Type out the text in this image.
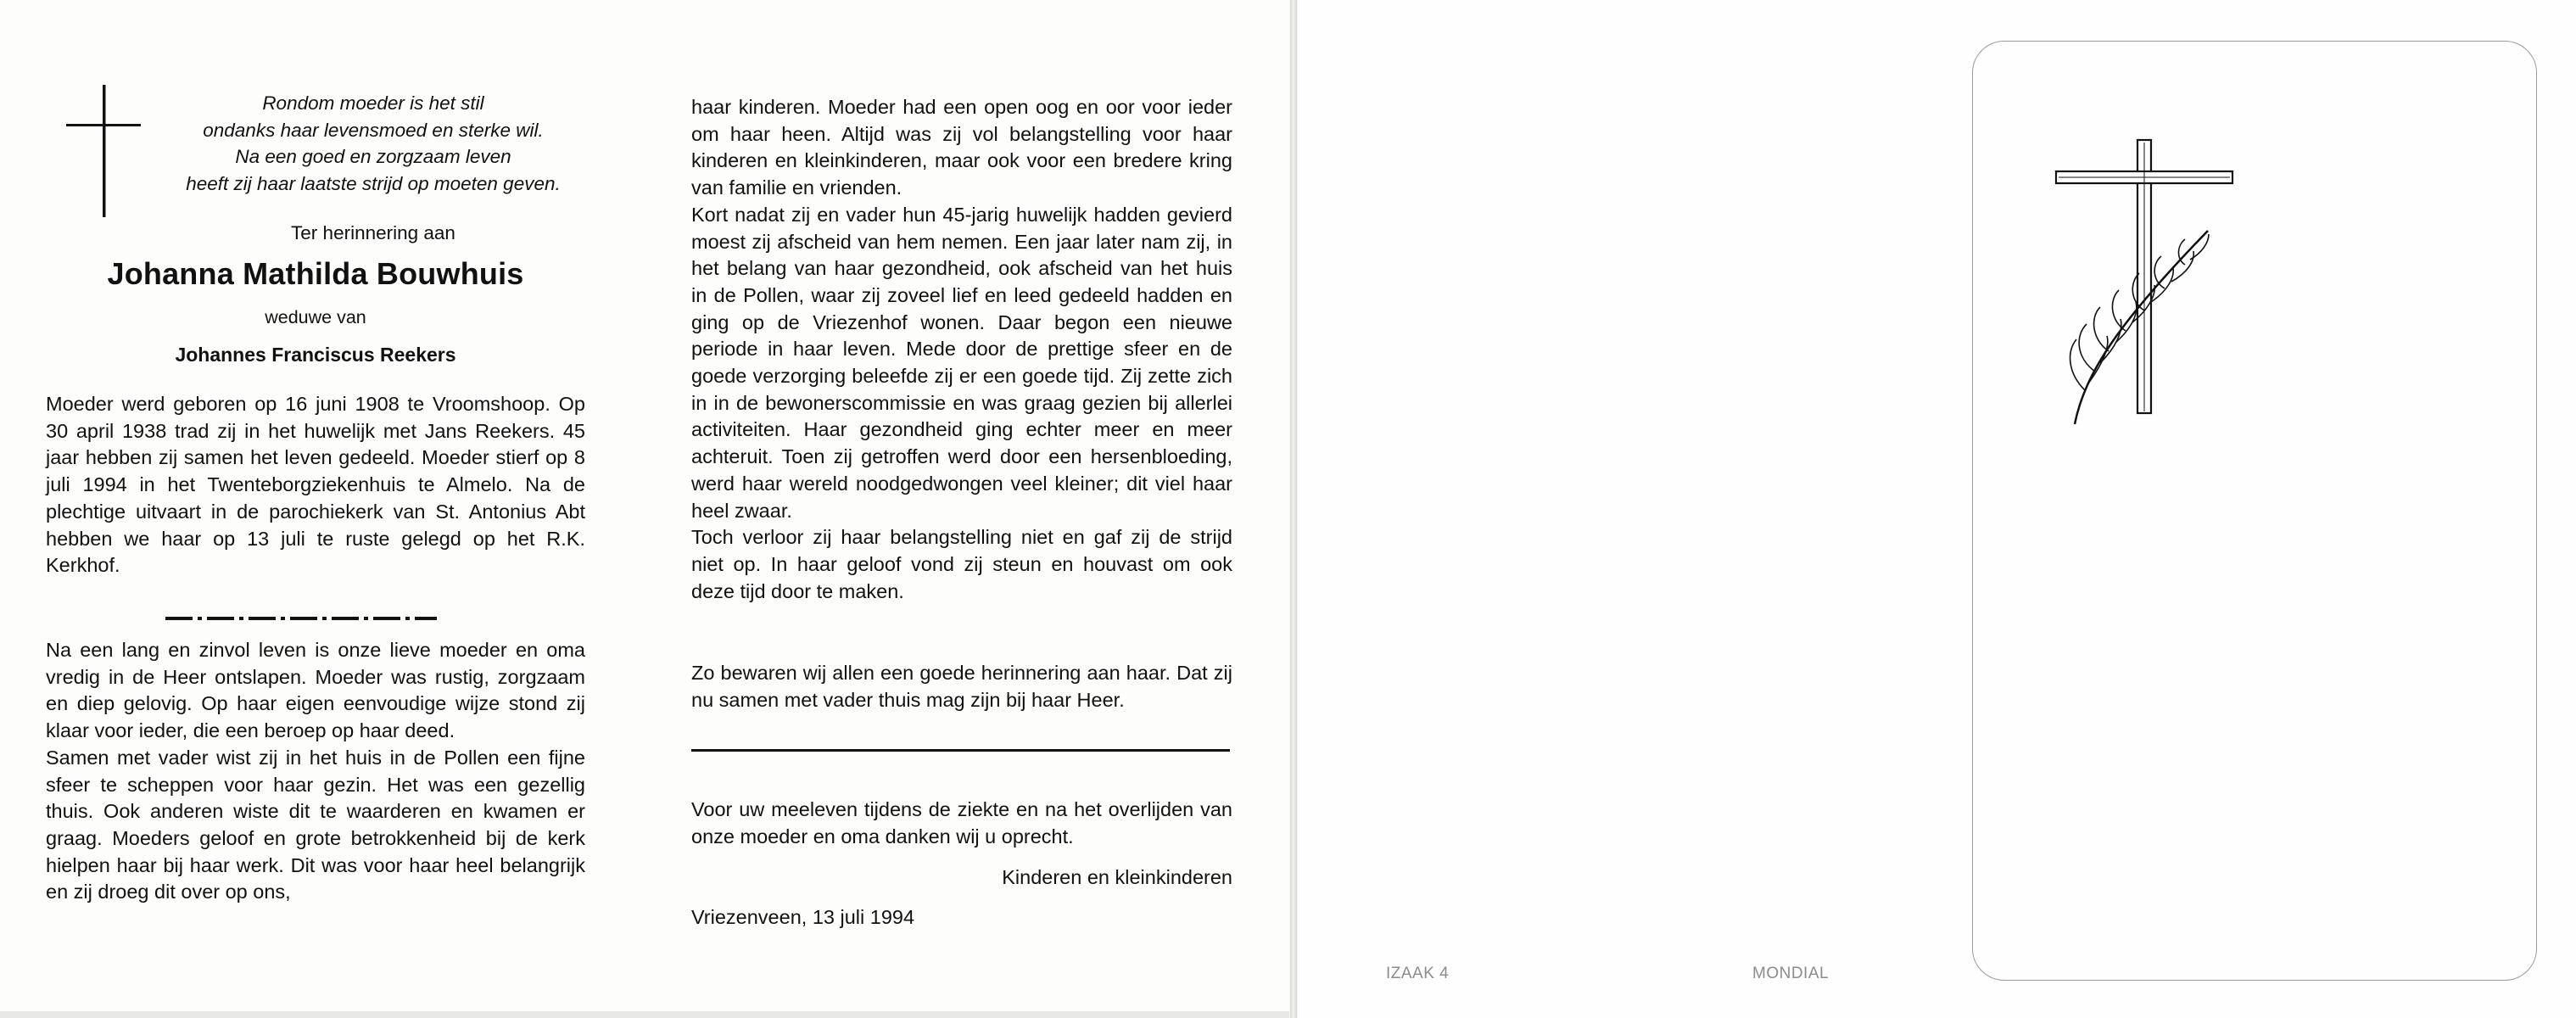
Rondom moeder is het stil
ondanks haar levensmoed en sterke wil.
Na een goed en zorgzaam leven
heeft zij haar laatste strijd op moeten geven.
Ter herinnering aan
Johanna Mathilda Bouwhuis
weduwe van
Johannes Franciscus Reekers

Moeder werd geboren op 16 juni 1908 te Vroomshoop. Op 30 april 1938 trad zij in het huwelijk met Jans Reekers. 45 jaar hebben zij samen het leven gedeeld. Moeder stierf op 8 juli 1994 in het Twenteborgziekenhuis te Almelo. Na de plechtige uitvaart in de parochiekerk van St. Antonius Abt hebben we haar op 13 juli te ruste gelegd op het R.K. Kerkhof.

Na een lang en zinvol leven is onze lieve moeder en oma vredig in de Heer ontslapen. Moeder was rustig, zorgzaam en diep gelovig. Op haar eigen eenvoudige wijze stond zij klaar voor ieder, die een beroep op haar deed.

Samen met vader wist zij in het huis in de Pollen een fijne sfeer te scheppen voor haar gezin. Het was een gezellig thuis. Ook anderen wiste dit te waarderen en kwamen er graag. Moeders geloof en grote betrokkenheid bij de kerk hielpen haar bij haar werk. Dit was voor haar heel belangrijk en zij droeg dit over op ons,

haar kinderen. Moeder had een open oog en oor voor ieder om haar heen. Altijd was zij vol belangstelling voor haar kinderen en kleinkinderen, maar ook voor een bredere kring van familie en vrienden.

Kort nadat zij en vader hun 45-jarig huwelijk hadden gevierd moest zij afscheid van hem nemen. Een jaar later nam zij, in het belang van haar gezondheid, ook afscheid van het huis in de Pollen, waar zij zoveel lief en leed gedeeld hadden en ging op de Vriezenhof wonen. Daar begon een nieuwe periode in haar leven. Mede door de prettige sfeer en de goede verzorging beleefde zij er een goede tijd. Zij zette zich in in de bewonerscommissie en was graag gezien bij allerlei activiteiten. Haar gezondheid ging echter meer en meer achteruit. Toen zij getroffen werd door een hersenbloeding, werd haar wereld noodgedwongen veel kleiner; dit viel haar heel zwaar.

Toch verloor zij haar belangstelling niet en gaf zij de strijd niet op. In haar geloof vond zij steun en houvast om ook deze tijd door te maken.

Zo bewaren wij allen een goede herinnering aan haar. Dat zij nu samen met vader thuis mag zijn bij haar Heer.

Voor uw meeleven tijdens de ziekte en na het overlijden van onze moeder en oma danken wij u oprecht.

Kinderen en kleinkinderen
Vriezenveen, 13 juli 1994
IZAAK 4	MONDIAL
